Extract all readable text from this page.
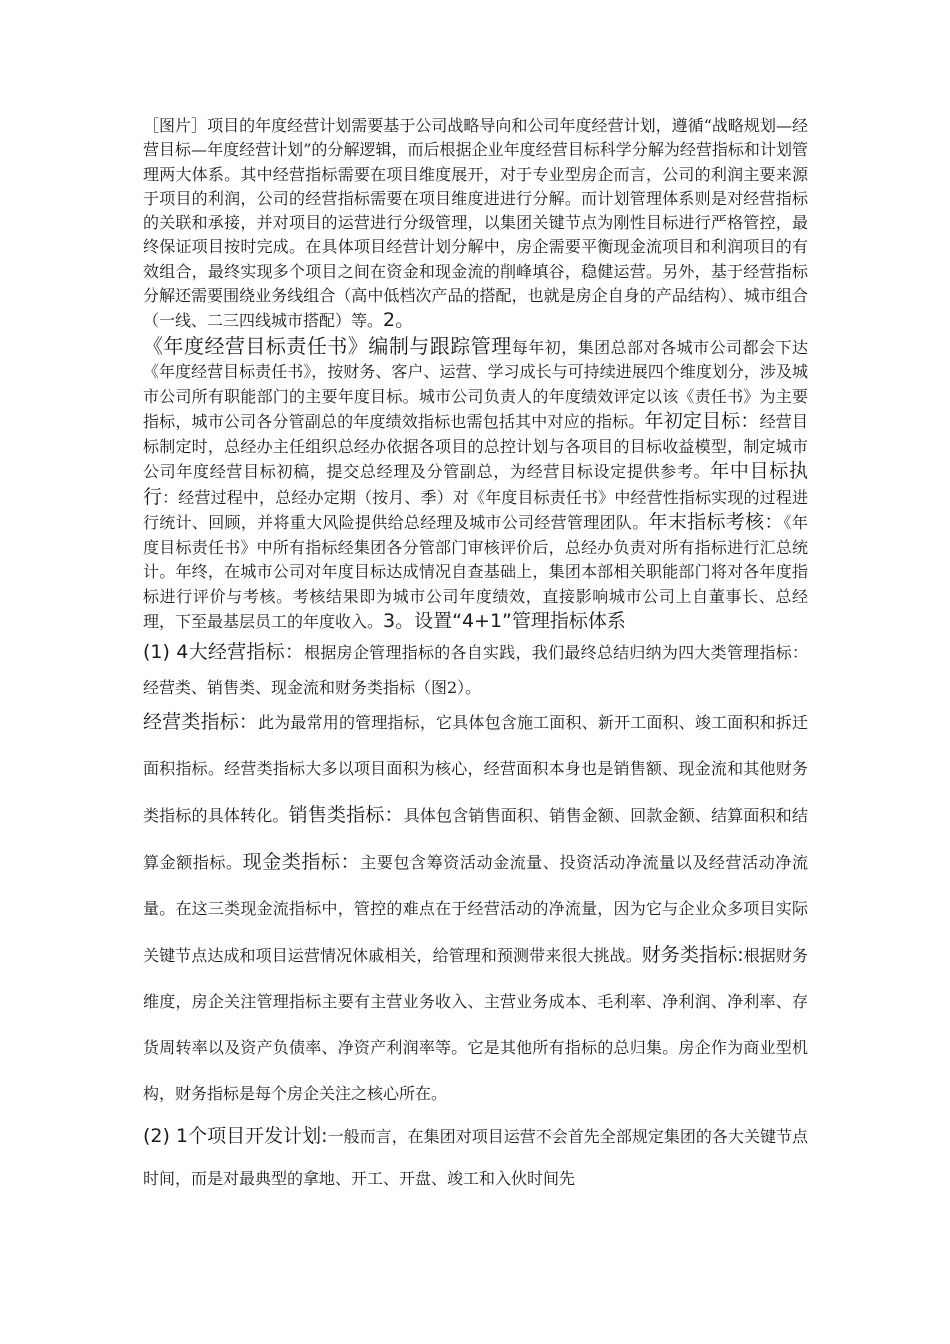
［图片］项目的年度经营计划需要基于公司战略导向和公司年度经营计划，遵循“战略规划—经营目标—年度经营计划”的分解逻辑，而后根据企业年度经营目标科学分解为经营指标和计划管理两大体系。其中经营指标需要在项目维度展开，对于专业型房企而言，公司的利润主要来源于项目的利润，公司的经营指标需要在项目维度进进行分解。而计划管理体系则是对经营指标的关联和承接，并对项目的运营进行分级管理，以集团关键节点为刚性目标进行严格管控，最终保证项目按时完成。在具体项目经营计划分解中，房企需要平衡现金流项目和利润项目的有效组合，最终实现多个项目之间在资金和现金流的削峰填谷，稳健运营。另外，基于经营指标分解还需要围绕业务线组合（高中低档次产品的搭配，也就是房企自身的产品结构）、城市组合（一线、二三四线城市搭配）等。2。

《年度经营目标责任书》编制与跟踪管理每年初，集团总部对各城市公司都会下达《年度经营目标责任书》，按财务、客户、运营、学习成长与可持续进展四个维度划分，涉及城市公司所有职能部门的主要年度目标。城市公司负责人的年度绩效评定以该《责任书》为主要指标，城市公司各分管副总的年度绩效指标也需包括其中对应的指标。年初定目标：经营目标制定时，总经办主任组织总经办依据各项目的总控计划与各项目的目标收益模型，制定城市公司年度经营目标初稿，提交总经理及分管副总，为经营目标设定提供参考。年中目标执行：经营过程中，总经办定期（按月、季）对《年度目标责任书》中经营性指标实现的过程进行统计、回顾，并将重大风险提供给总经理及城市公司经营管理团队。年末指标考核：《年度目标责任书》中所有指标经集团各分管部门审核评价后，总经办负责对所有指标进行汇总统计。年终，在城市公司对年度目标达成情况自查基础上，集团本部相关职能部门将对各年度指标进行评价与考核。考核结果即为城市公司年度绩效，直接影响城市公司上自董事长、总经理，下至最基层员工的年度收入。3。设置“4+1”管理指标体系

(1) 4大经营指标：根据房企管理指标的各自实践，我们最终总结归纳为四大类管理指标：经营类、销售类、现金流和财务类指标（图2）。

经营类指标：此为最常用的管理指标，它具体包含施工面积、新开工面积、竣工面积和拆迁面积指标。经营类指标大多以项目面积为核心，经营面积本身也是销售额、现金流和其他财务类指标的具体转化。销售类指标：具体包含销售面积、销售金额、回款金额、结算面积和结算金额指标。现金类指标：主要包含筹资活动金流量、投资活动净流量以及经营活动净流量。在这三类现金流指标中，管控的难点在于经营活动的净流量，因为它与企业众多项目实际关键节点达成和项目运营情况休戚相关，给管理和预测带来很大挑战。财务类指标:根据财务维度，房企关注管理指标主要有主营业务收入、主营业务成本、毛利率、净利润、净利率、存货周转率以及资产负债率、净资产利润率等。它是其他所有指标的总归集。房企作为商业型机构，财务指标是每个房企关注之核心所在。

(2) 1个项目开发计划:一般而言，在集团对项目运营不会首先全部规定集团的各大关键节点时间，而是对最典型的拿地、开工、开盘、竣工和入伙时间先
